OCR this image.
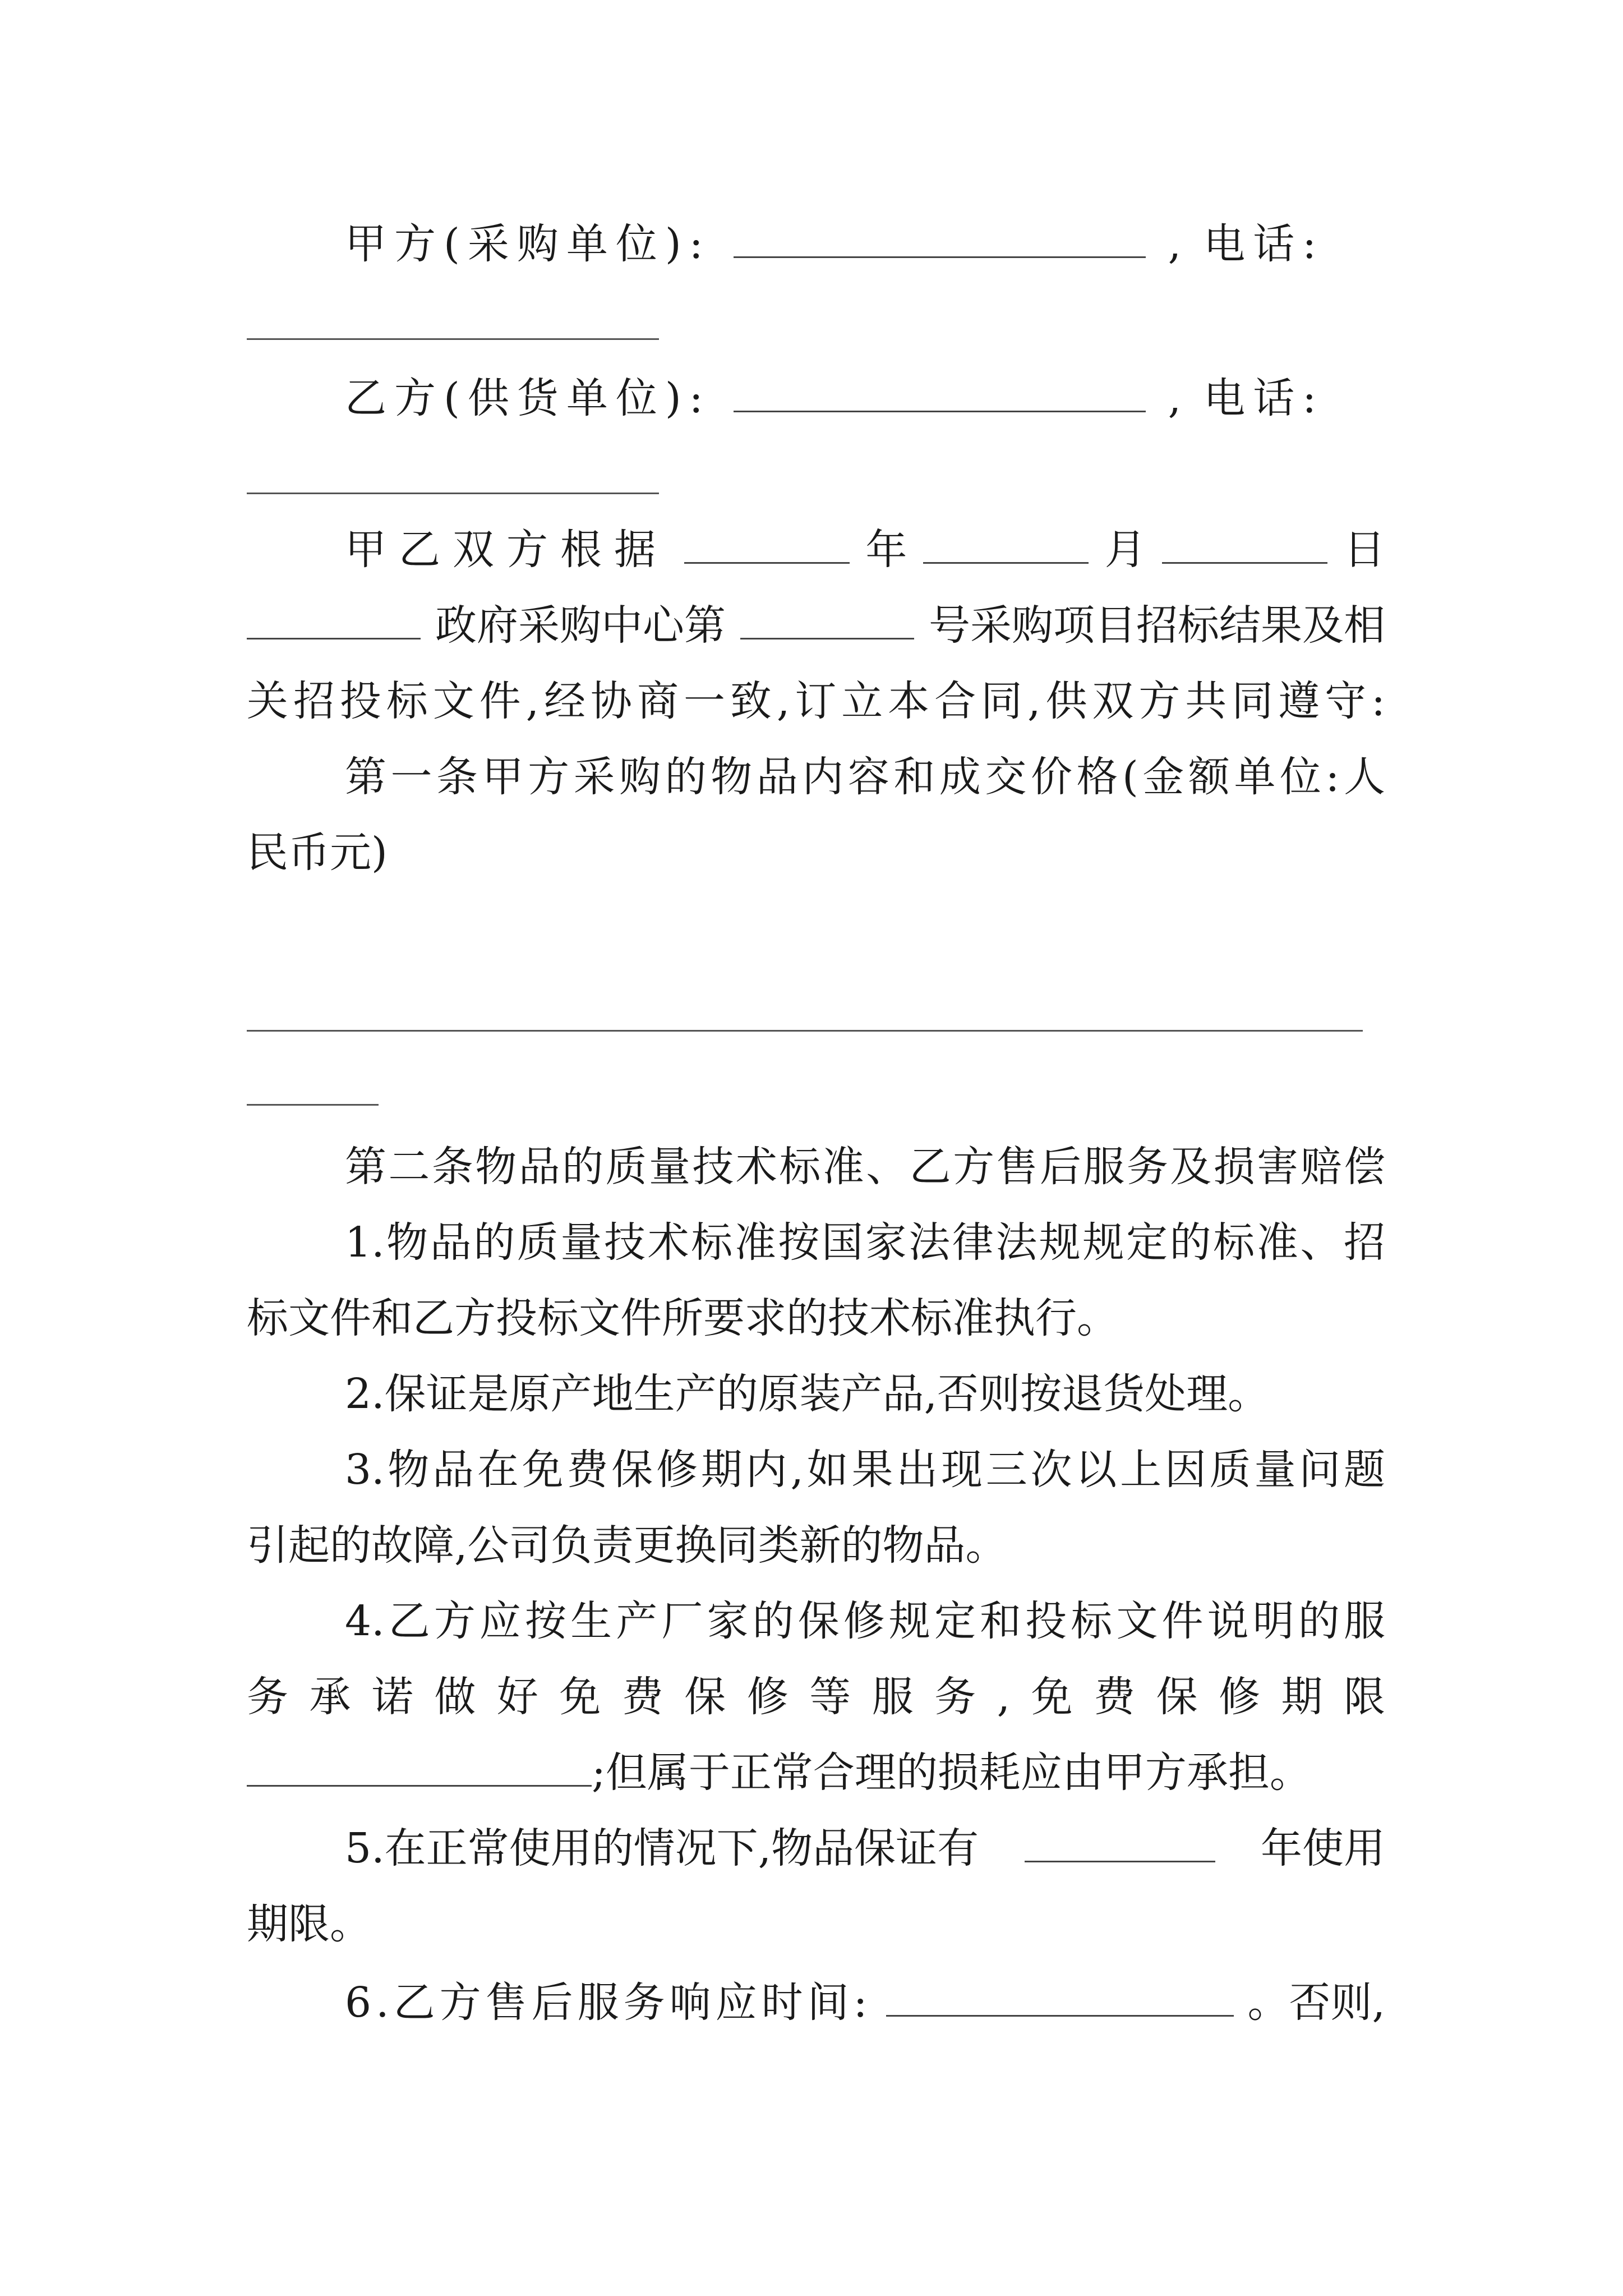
甲方(采购单位):	, 电话:
乙方(供货单位):	, 电话:
甲乙双方根据	年	月	日
政府采购中心第	号采购项目招标结果及相
关招投标文件,经协商一致,订立本合同,供双方共同遵守:
第一条甲方采购的物品内容和成交价格(金额单位:人
民币元)
第二条物品的质量技术标准、乙方售后服务及损害赔偿
1.物品的质量技术标准按国家法律法规规定的标准、招
标文件和乙方投标文件所要求的技术标准执行。
2.保证是原产地生产的原装产品,否则按退货处理。
3.物品在免费保修期内,如果出现三次以上因质量问题
引起的故障,公司负责更换同类新的物品。
4.乙方应按生产厂家的保修规定和投标文件说明的服
务承诺做好免费保修等服务,免费保修期限
;但属于正常合理的损耗应由甲方承担。
5.在正常使用的情况下,物品保证有	年使用
期限。
6.乙方售后服务响应时间:	。否则,
